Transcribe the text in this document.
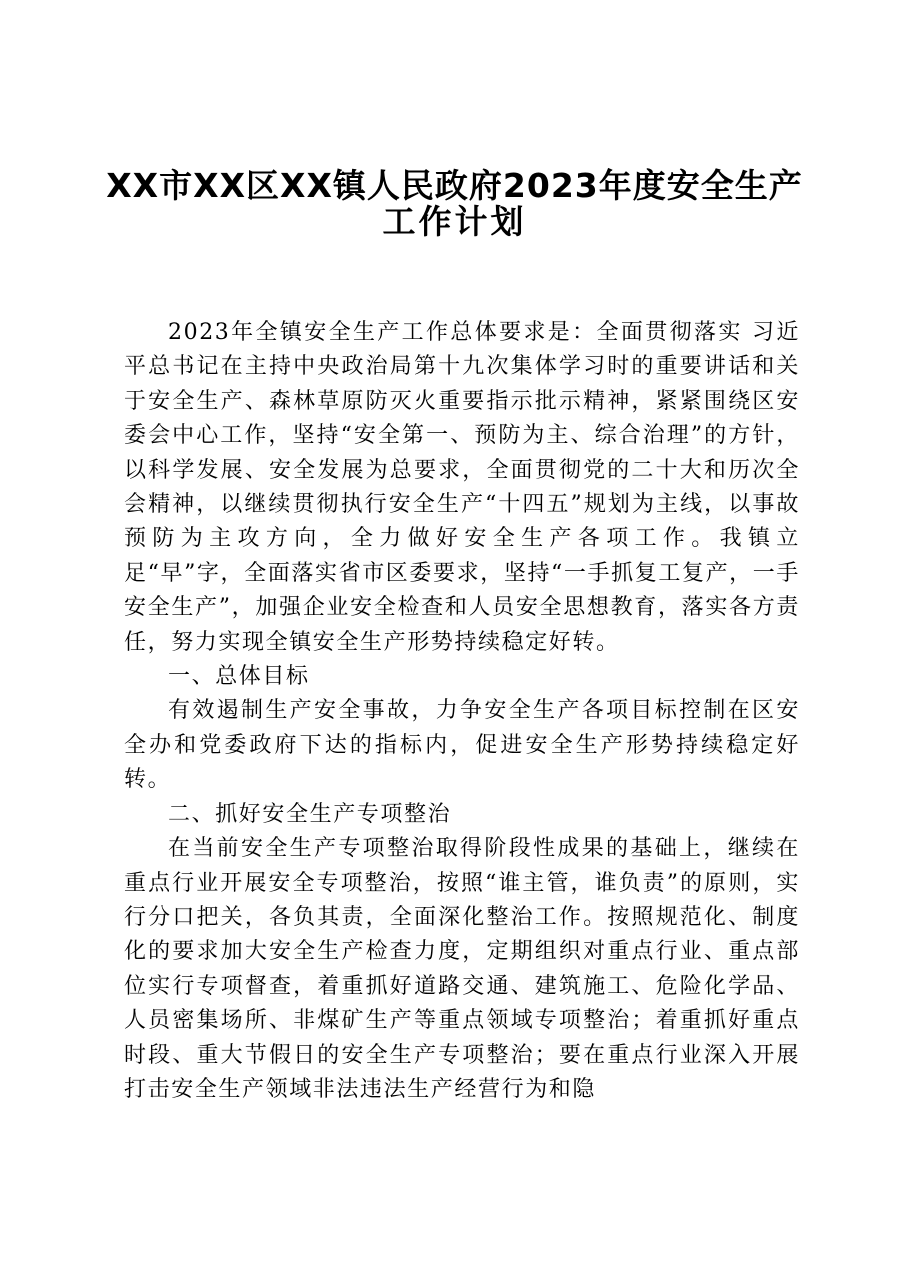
XX市XX区XX镇人民政府2023年度安全生产
工作计划

2023年全镇安全生产工作总体要求是：全面贯彻落实 习近平总书记在主持中央政治局第十九次集体学习时的重要讲话和关于安全生产、森林草原防灭火重要指示批示精神，紧紧围绕区安委会中心工作，坚持“安全第一、预防为主、综合治理”的方针，以科学发展、安全发展为总要求，全面贯彻党的二十大和历次全会精神，以继续贯彻执行安全生产“十四五”规划为主线，以事故预防为主攻方向，全力做好安全生产各项工作。我镇立足“早”字，全面落实省市区委要求，坚持“一手抓复工复产，一手安全生产”，加强企业安全检查和人员安全思想教育，落实各方责任，努力实现全镇安全生产形势持续稳定好转。

一、总体目标

有效遏制生产安全事故，力争安全生产各项目标控制在区安全办和党委政府下达的指标内，促进安全生产形势持续稳定好转。

二、抓好安全生产专项整治

在当前安全生产专项整治取得阶段性成果的基础上，继续在重点行业开展安全专项整治，按照“谁主管，谁负责”的原则，实行分口把关，各负其责，全面深化整治工作。按照规范化、制度化的要求加大安全生产检查力度，定期组织对重点行业、重点部位实行专项督查，着重抓好道路交通、建筑施工、危险化学品、人员密集场所、非煤矿生产等重点领域专项整治；着重抓好重点时段、重大节假日的安全生产专项整治；要在重点行业深入开展打击安全生产领域非法违法生产经营行为和隐
